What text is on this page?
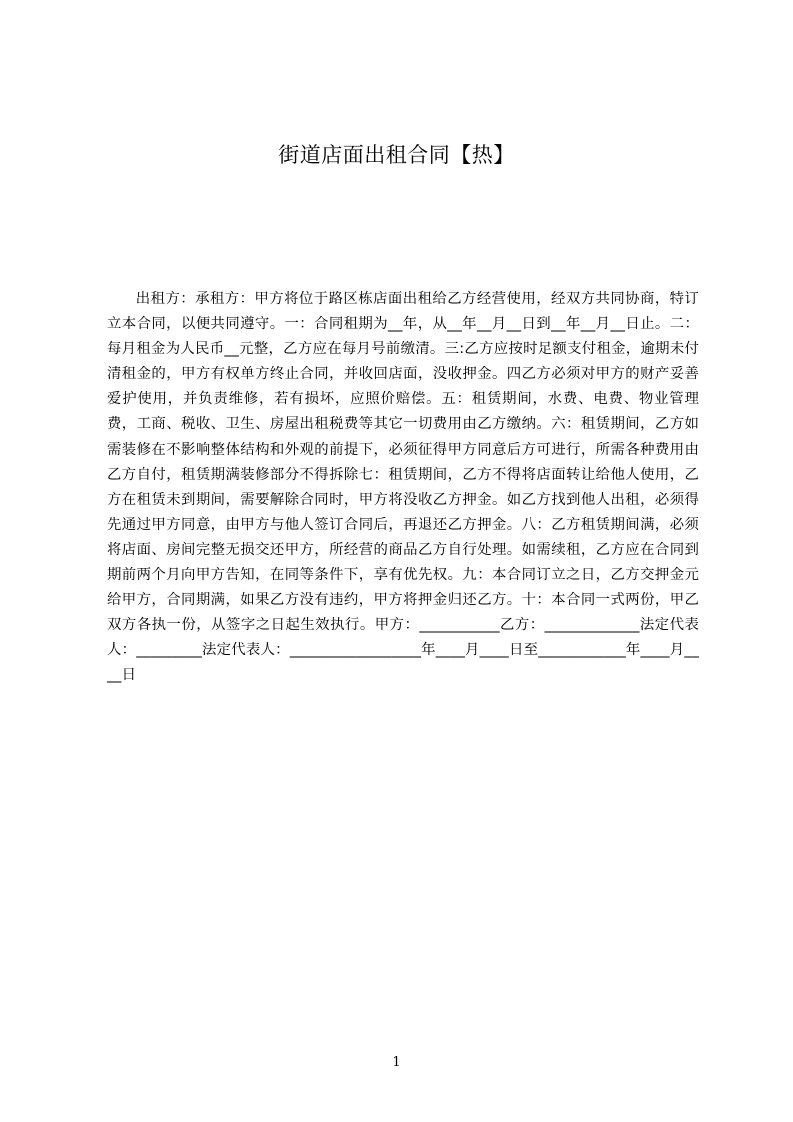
街道店面出租合同【热】

出租方：承租方：甲方将位于路区栋店面出租给乙方经营使用，经双方共同协商，特订立本合同，以便共同遵守。一：合同租期为__年，从__年__月__日到__年__月__日止。二：每月租金为人民币__元整，乙方应在每月号前缴清。三:乙方应按时足额支付租金，逾期未付清租金的，甲方有权单方终止合同，并收回店面，没收押金。四乙方必须对甲方的财产妥善爱护使用，并负责维修，若有损坏，应照价赔偿。五：租赁期间，水费、电费、物业管理费，工商、税收、卫生、房屋出租税费等其它一切费用由乙方缴纳。六：租赁期间，乙方如需装修在不影响整体结构和外观的前提下，必须征得甲方同意后方可进行，所需各种费用由乙方自付，租赁期满装修部分不得拆除七：租赁期间，乙方不得将店面转让给他人使用，乙方在租赁未到期间，需要解除合同时，甲方将没收乙方押金。如乙方找到他人出租，必须得先通过甲方同意，由甲方与他人签订合同后，再退还乙方押金。八：乙方租赁期间满，必须将店面、房间完整无损交还甲方，所经营的商品乙方自行处理。如需续租，乙方应在合同到期前两个月向甲方告知，在同等条件下，享有优先权。九：本合同订立之日，乙方交押金元给甲方，合同期满，如果乙方没有违约，甲方将押金归还乙方。十：本合同一式两份，甲乙双方各执一份，从签字之日起生效执行。甲方：___________乙方：_____________法定代表人：_________法定代表人：__________________年____月____日至____________年____月____日

1
